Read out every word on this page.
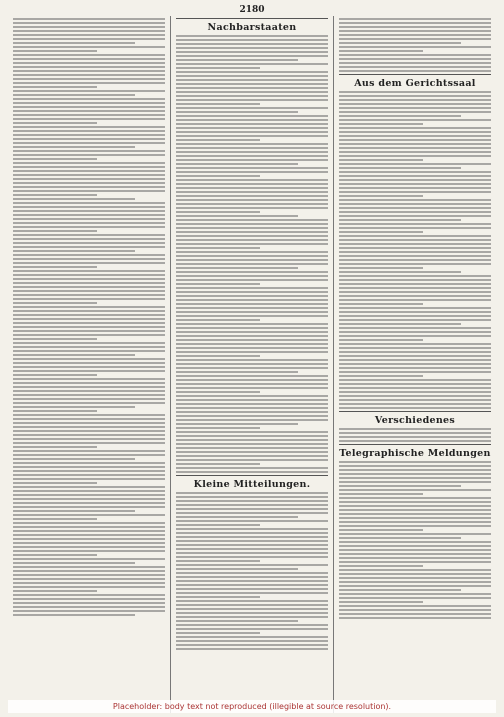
2180
Nachbarstaaten
Kleine Mitteilungen.
Aus dem Gerichtssaal
Verschiedenes
Telegraphische Meldungen
Placeholder: body text not reproduced (illegible at source resolution).
